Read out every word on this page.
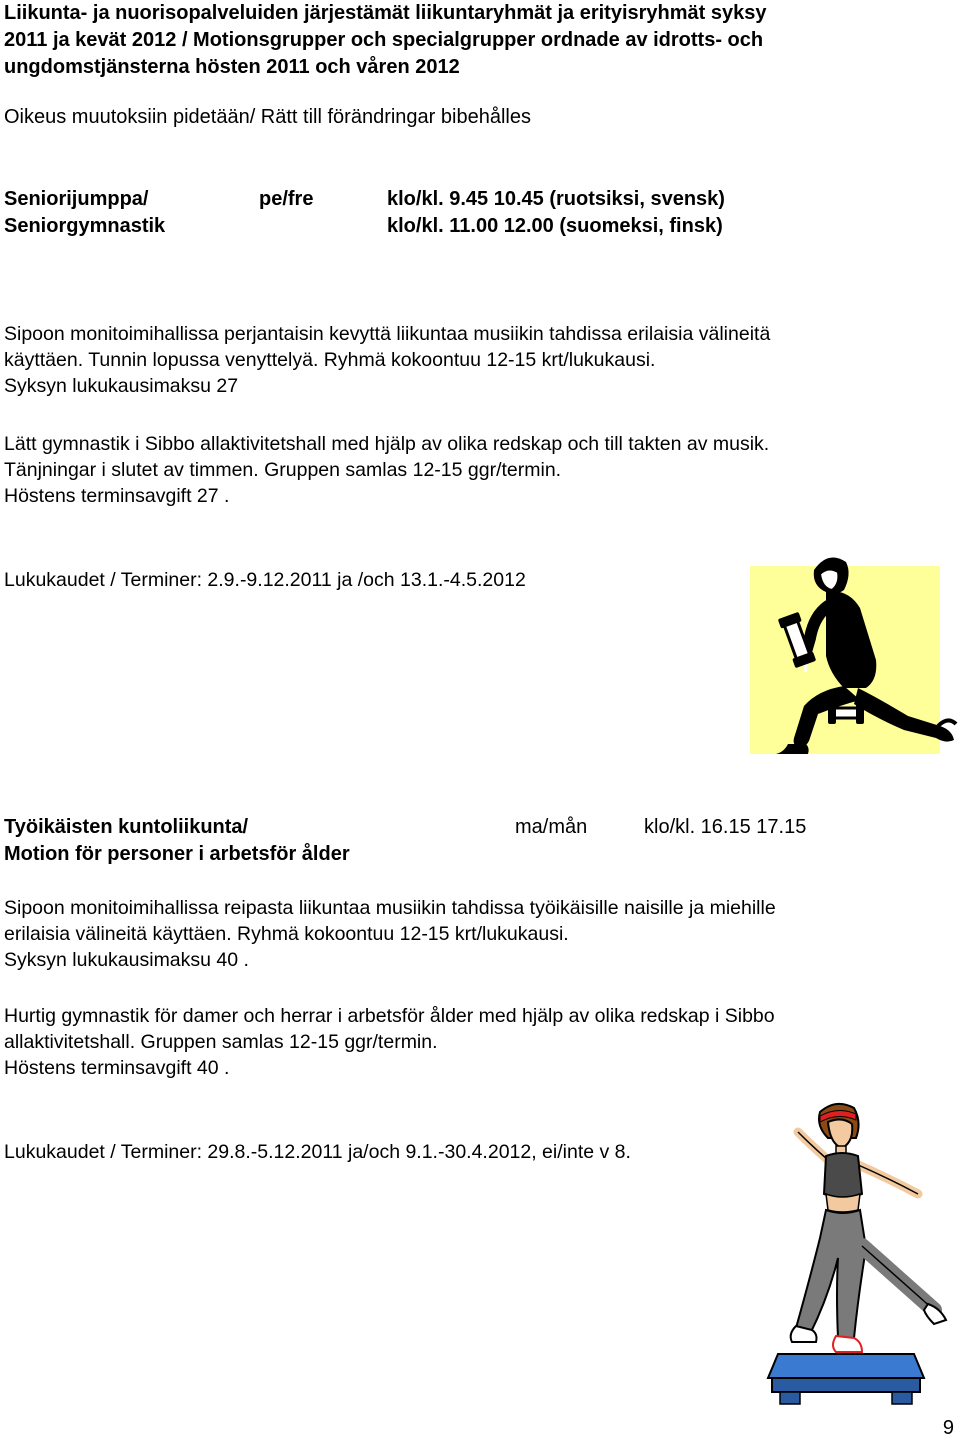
Liikunta- ja nuorisopalveluiden järjestämät liikuntaryhmät ja erityisryhmät syksy
2011 ja kevät 2012 / Motionsgrupper och specialgrupper ordnade av idrotts- och
ungdomstjänsterna hösten 2011 och våren 2012
Oikeus muutoksiin pidetään/ Rätt till förändringar bibehålles
Seniorijumppa/
Seniorgymnastik
pe/fre	klo/kl. 9.45 10.45 (ruotsiksi, svensk)
klo/kl. 11.00 12.00 (suomeksi, finsk)
Sipoon monitoimihallissa perjantaisin kevyttä liikuntaa musiikin tahdissa erilaisia välineitä
käyttäen. Tunnin lopussa venyttelyä. Ryhmä kokoontuu 12-15 krt/lukukausi.
Syksyn lukukausimaksu 27
Lätt gymnastik i Sibbo allaktivitetshall med hjälp av olika redskap och till takten av musik.
Tänjningar i slutet av timmen. Gruppen samlas 12-15 ggr/termin.
Höstens terminsavgift 27 .
Lukukaudet / Terminer: 2.9.-9.12.2011 ja /och 13.1.-4.5.2012
Työikäisten kuntoliikunta/
Motion för personer i arbetsför ålder
ma/mån	klo/kl. 16.15 17.15
Sipoon monitoimihallissa reipasta liikuntaa musiikin tahdissa työikäisille naisille ja miehille
erilaisia välineitä käyttäen. Ryhmä kokoontuu 12-15 krt/lukukausi.
Syksyn lukukausimaksu 40 .
Hurtig gymnastik för damer och herrar i arbetsför ålder med hjälp av olika redskap i Sibbo
allaktivitetshall. Gruppen samlas 12-15 ggr/termin.
Höstens terminsavgift 40 .
Lukukaudet / Terminer: 29.8.-5.12.2011 ja/och 9.1.-30.4.2012, ei/inte v 8.
9
